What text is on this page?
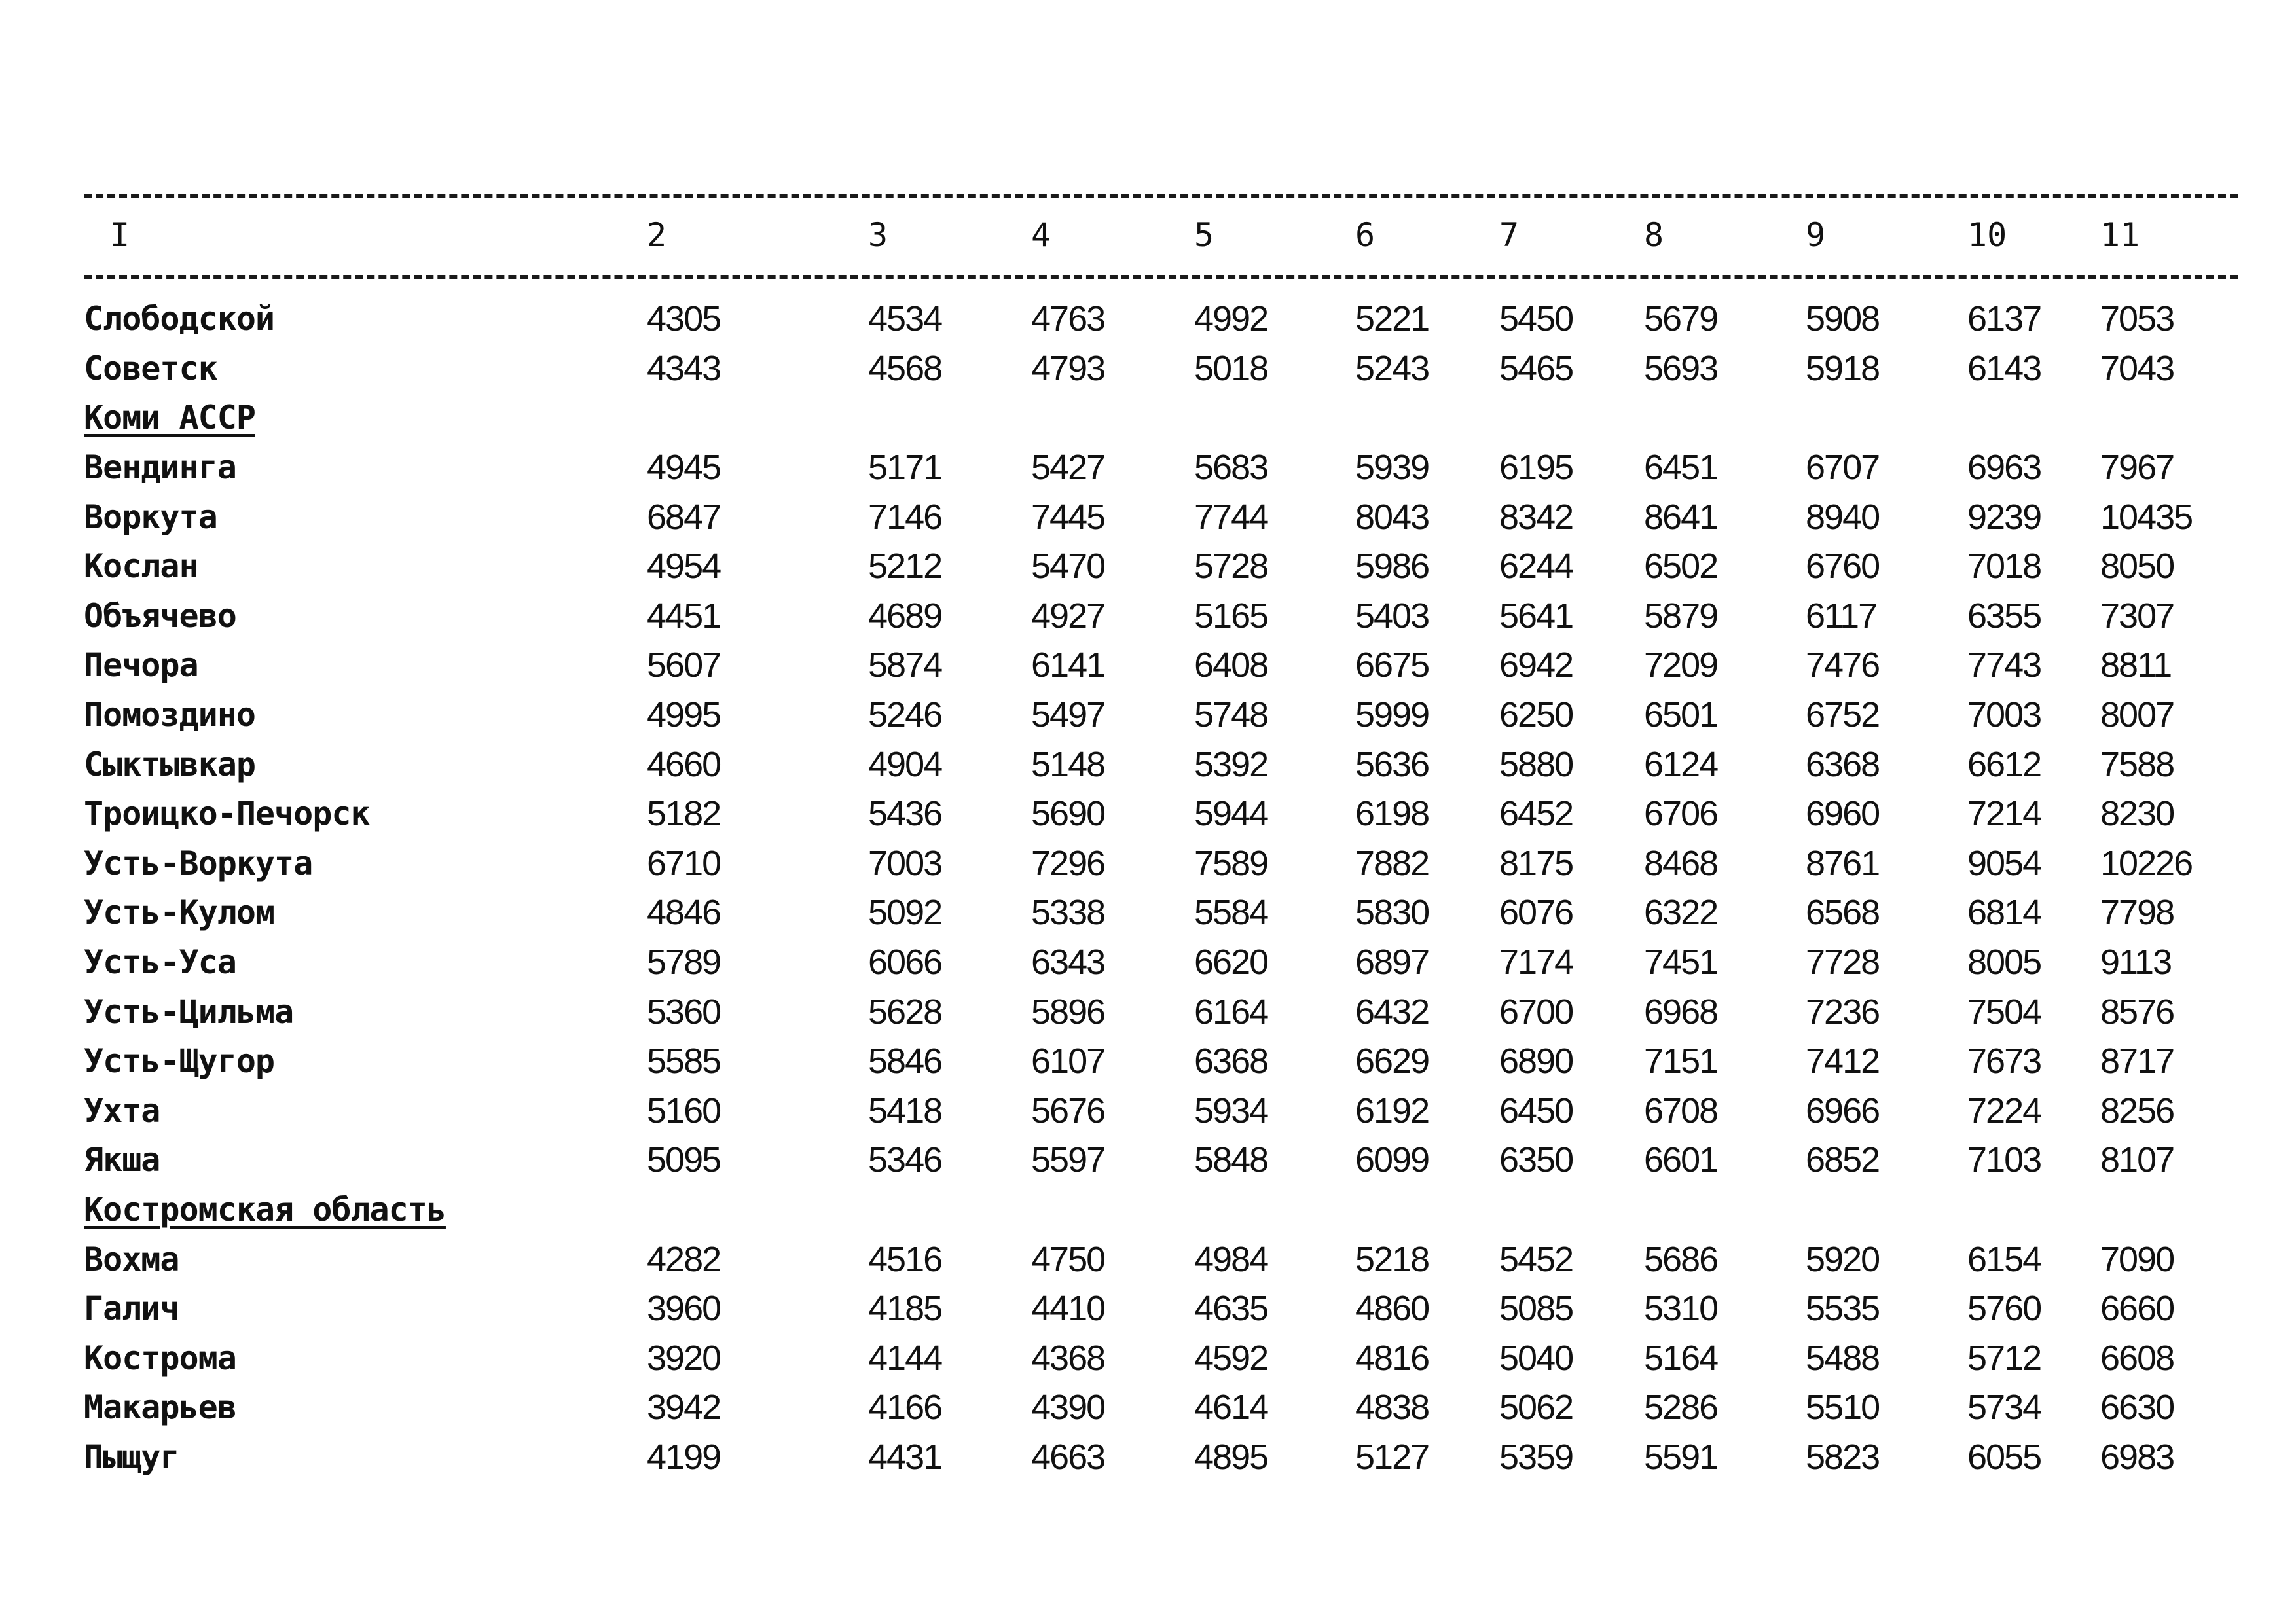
I	2	3	4	5	6	7	8	9	10	11

Слободской	4305	4534	4763	4992	5221	5450	5679	5908	6137	7053
Советск	4343	4568	4793	5018	5243	5465	5693	5918	6143	7043
Коми АССР										
Вендинга	4945	5171	5427	5683	5939	6195	6451	6707	6963	7967
Воркута	6847	7146	7445	7744	8043	8342	8641	8940	9239	10435
Кослан	4954	5212	5470	5728	5986	6244	6502	6760	7018	8050
Объячево	4451	4689	4927	5165	5403	5641	5879	6117	6355	7307
Печора	5607	5874	6141	6408	6675	6942	7209	7476	7743	8811
Помоздино	4995	5246	5497	5748	5999	6250	6501	6752	7003	8007
Сыктывкар	4660	4904	5148	5392	5636	5880	6124	6368	6612	7588
Троицко-Печорск	5182	5436	5690	5944	6198	6452	6706	6960	7214	8230
Усть-Воркута	6710	7003	7296	7589	7882	8175	8468	8761	9054	10226
Усть-Кулом	4846	5092	5338	5584	5830	6076	6322	6568	6814	7798
Усть-Уса	5789	6066	6343	6620	6897	7174	7451	7728	8005	9113
Усть-Цильма	5360	5628	5896	6164	6432	6700	6968	7236	7504	8576
Усть-Щугор	5585	5846	6107	6368	6629	6890	7151	7412	7673	8717
Ухта	5160	5418	5676	5934	6192	6450	6708	6966	7224	8256
Якша	5095	5346	5597	5848	6099	6350	6601	6852	7103	8107
Костромская область										
Вохма	4282	4516	4750	4984	5218	5452	5686	5920	6154	7090
Галич	3960	4185	4410	4635	4860	5085	5310	5535	5760	6660
Кострома	3920	4144	4368	4592	4816	5040	5164	5488	5712	6608
Макарьев	3942	4166	4390	4614	4838	5062	5286	5510	5734	6630
Пыщуг	4199	4431	4663	4895	5127	5359	5591	5823	6055	6983
